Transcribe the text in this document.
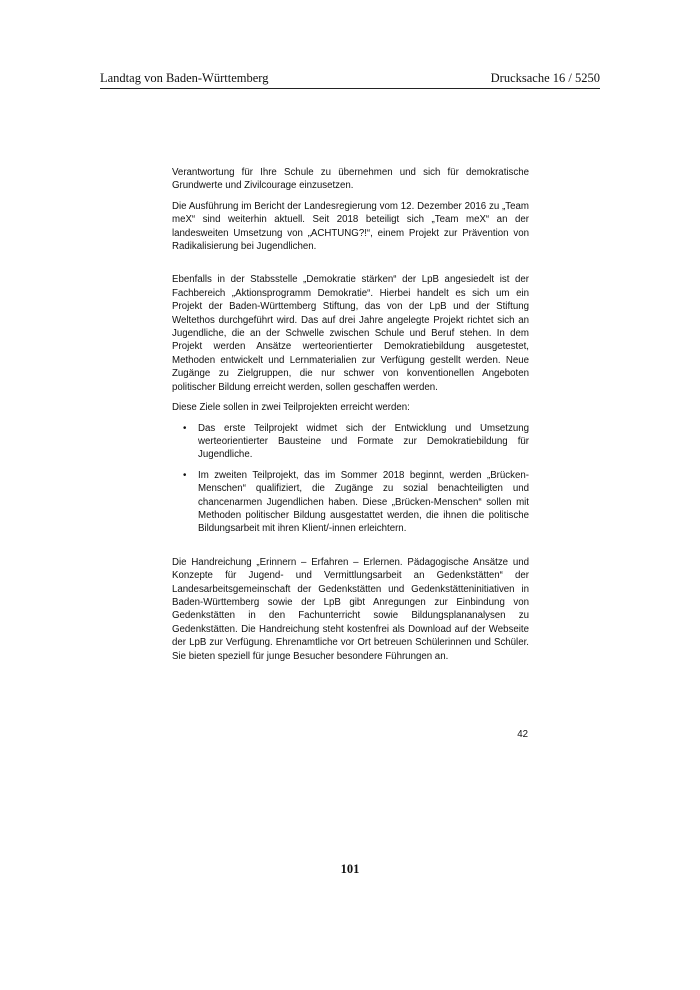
Landtag von Baden-Württemberg	Drucksache 16 / 5250

Verantwortung für Ihre Schule zu übernehmen und sich für demokratische Grundwerte und Zivilcourage einzusetzen.

Die Ausführung im Bericht der Landesregierung vom 12. Dezember 2016 zu „Team meX“ sind weiterhin aktuell. Seit 2018 beteiligt sich „Team meX“ an der landesweiten Umsetzung von „ACHTUNG?!“, einem Projekt zur Prävention von Radikalisierung bei Jugendlichen.

Ebenfalls in der Stabsstelle „Demokratie stärken“ der LpB angesiedelt ist der Fachbereich „Aktionsprogramm Demokratie“. Hierbei handelt es sich um ein Projekt der Baden-Württemberg Stiftung, das von der LpB und der Stiftung Weltethos durchgeführt wird. Das auf drei Jahre angelegte Projekt richtet sich an Jugendliche, die an der Schwelle zwischen Schule und Beruf stehen. In dem Projekt werden Ansätze werteorientierter Demokratiebildung ausgetestet, Methoden entwickelt und Lernmaterialien zur Verfügung gestellt werden. Neue Zugänge zu Zielgruppen, die nur schwer von konventionellen Angeboten politischer Bildung erreicht werden, sollen geschaffen werden.

Diese Ziele sollen in zwei Teilprojekten erreicht werden:

• Das erste Teilprojekt widmet sich der Entwicklung und Umsetzung werteorientierter Bausteine und Formate zur Demokratiebildung für Jugendliche.
• Im zweiten Teilprojekt, das im Sommer 2018 beginnt, werden „Brücken-Menschen“ qualifiziert, die Zugänge zu sozial benachteiligten und chancenarmen Jugendlichen haben. Diese „Brücken-Menschen“ sollen mit Methoden politischer Bildung ausgestattet werden, die ihnen die politische Bildungsarbeit mit ihren Klient/-innen erleichtern.

Die Handreichung „Erinnern – Erfahren – Erlernen. Pädagogische Ansätze und Konzepte für Jugend- und Vermittlungsarbeit an Gedenkstätten“ der Landesarbeitsgemeinschaft der Gedenkstätten und Gedenkstätteninitiativen in Baden-Württemberg sowie der LpB gibt Anregungen zur Einbindung von Gedenkstätten in den Fachunterricht sowie Bildungsplananalysen zu Gedenkstätten. Die Handreichung steht kostenfrei als Download auf der Webseite der LpB zur Verfügung. Ehrenamtliche vor Ort betreuen Schülerinnen und Schüler. Sie bieten speziell für junge Besucher besondere Führungen an.

42
101
